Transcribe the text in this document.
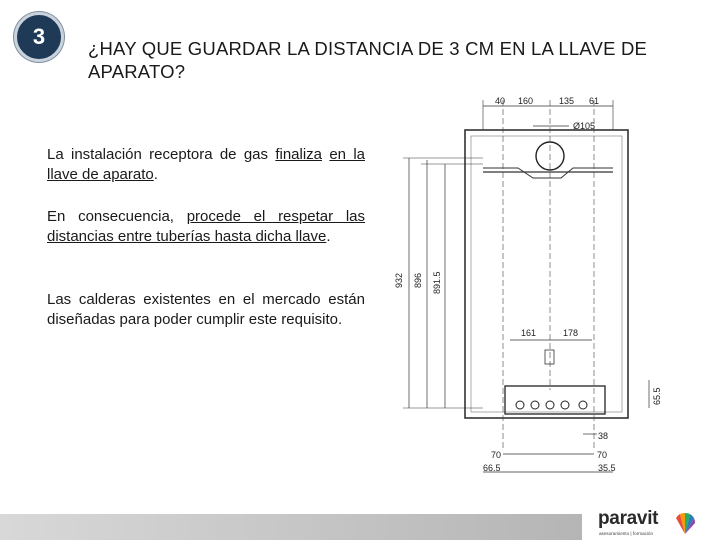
3 ¿HAY QUE GUARDAR LA DISTANCIA DE 3 CM EN LA LLAVE DE APARATO?
La instalación receptora de gas finaliza en la llave de aparato.
En consecuencia, procede el respetar las distancias entre tuberías hasta dicha llave.
Las calderas existentes en el mercado están diseñadas para poder cumplir este requisito.
40 160	135 61
Ø105
932 896 891.5
161	178
65.5
38
70	70
66.5	35.5
paravit
asesoramiento | formación
